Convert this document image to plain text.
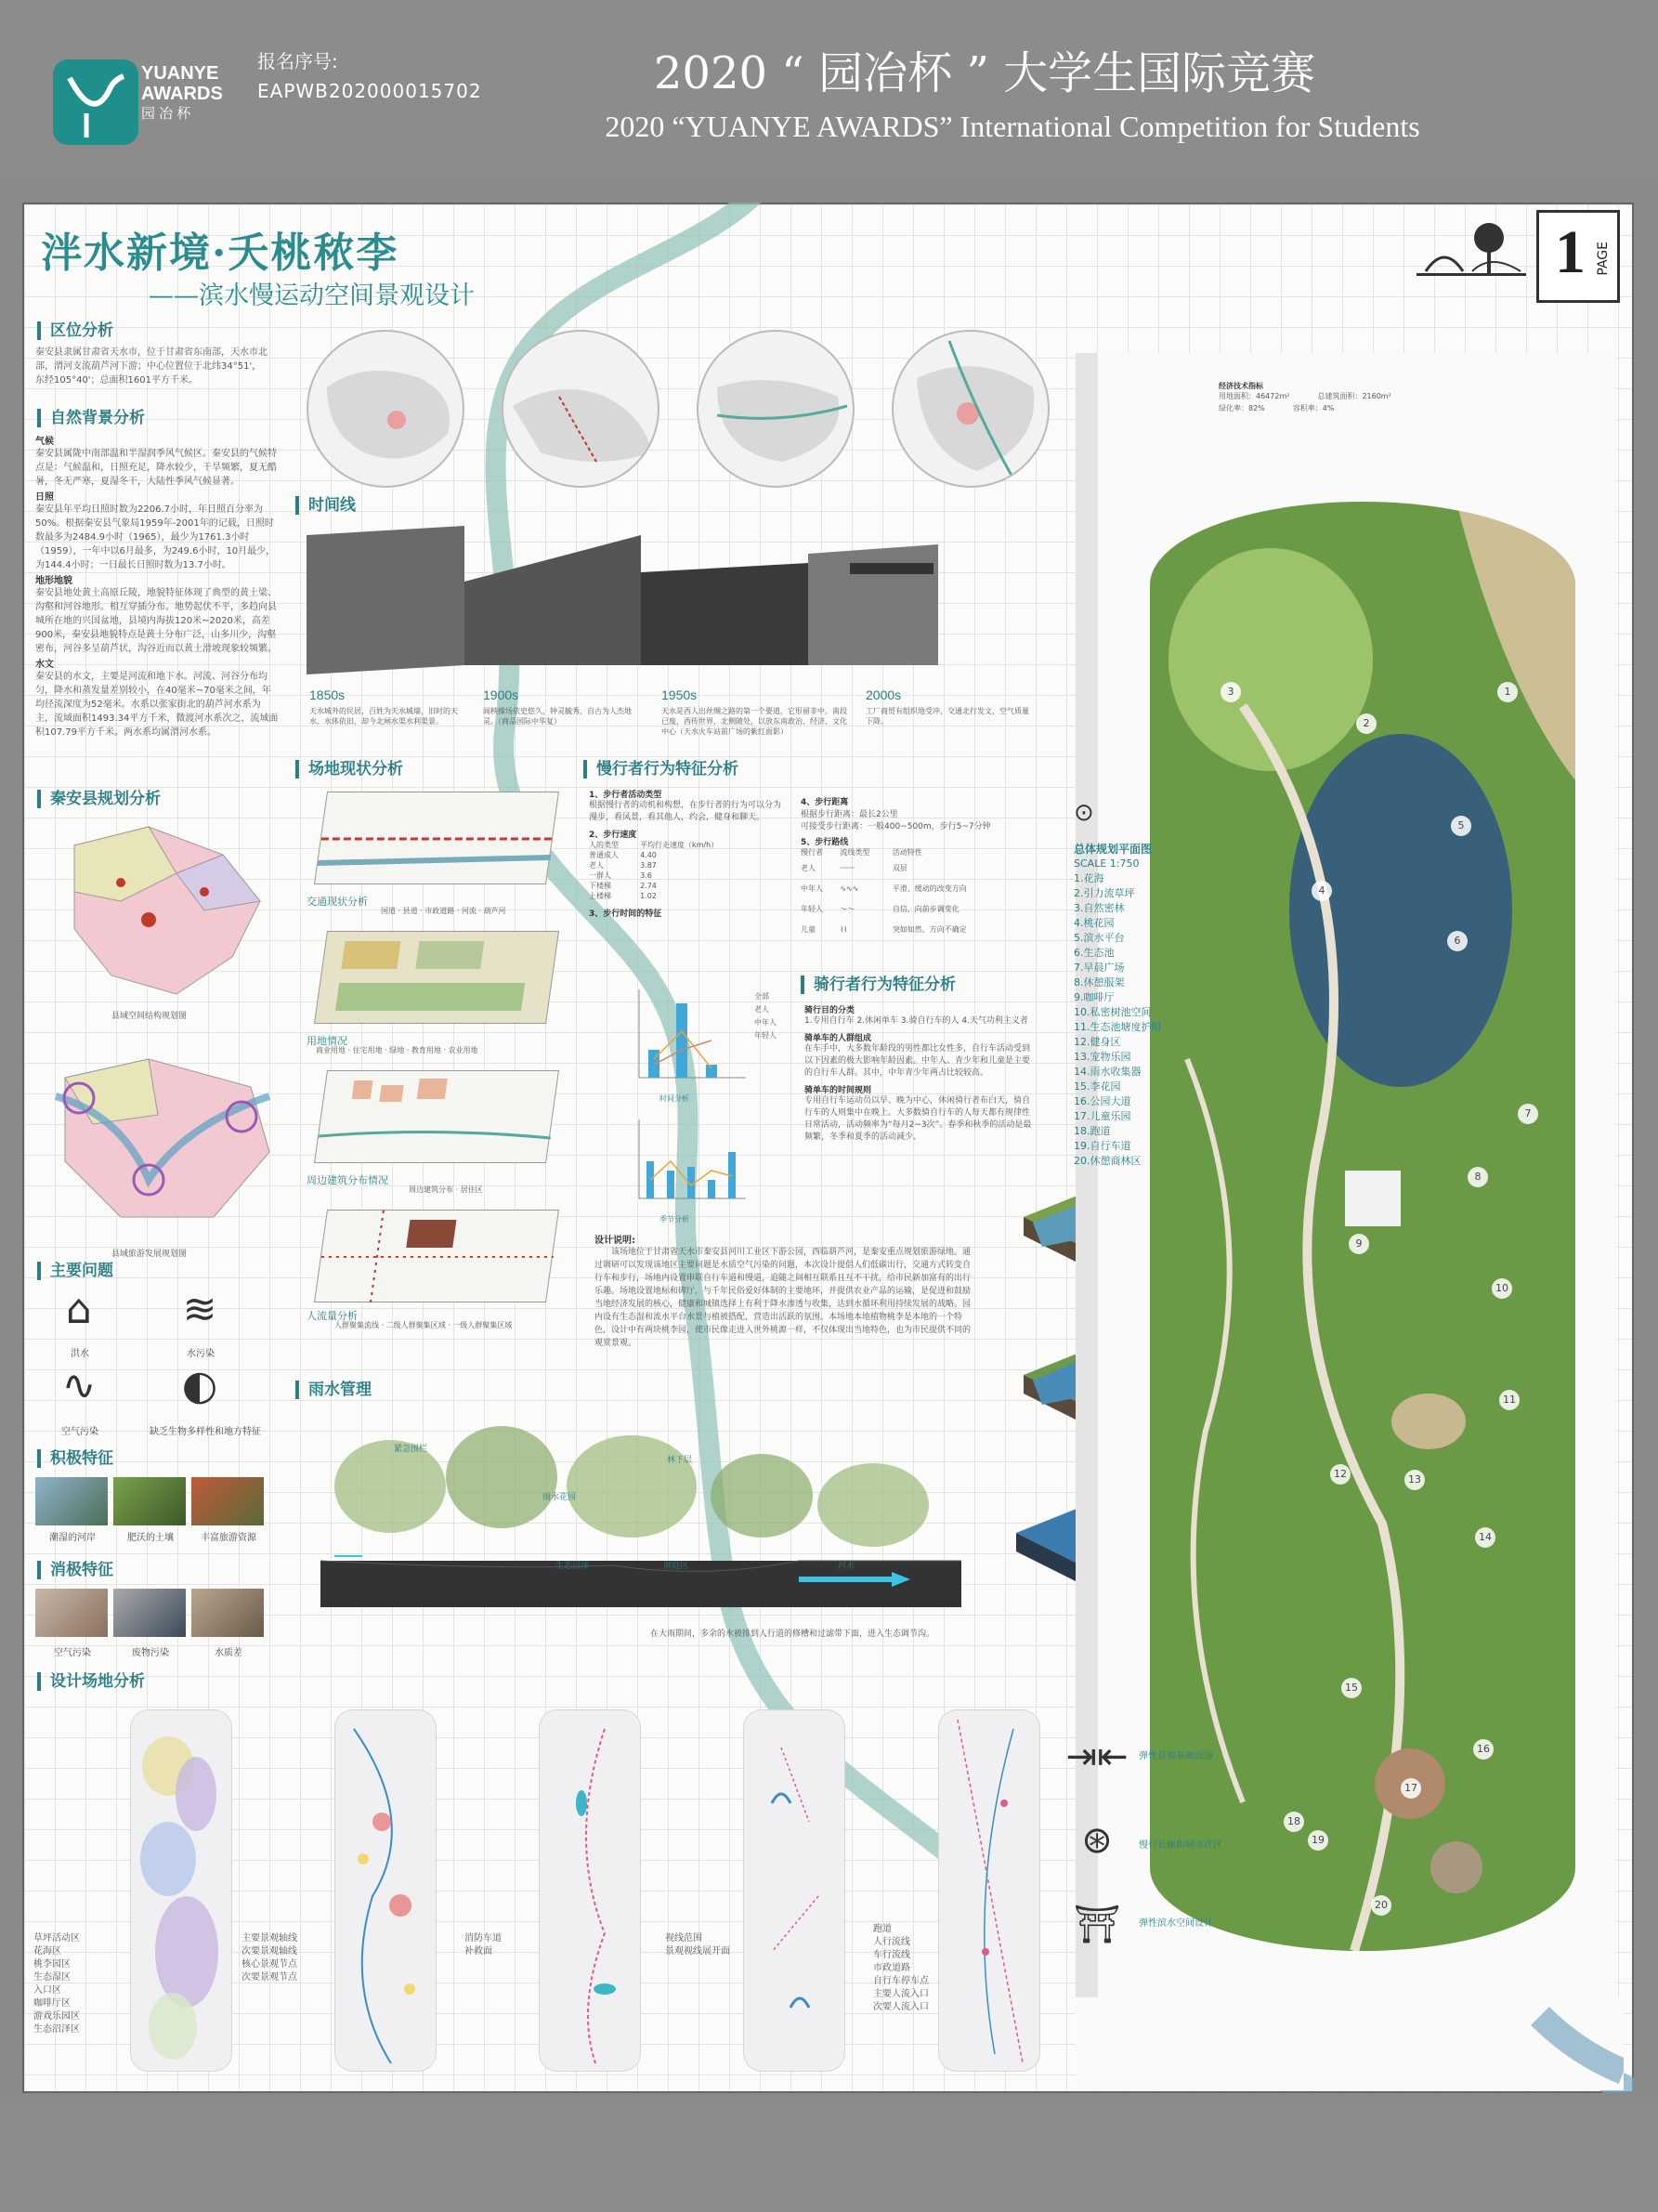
YUANYE
AWARDS
园 冶 杯
报名序号:
EAPWB202000015702	2020 “ 园冶杯 ” 大学生国际竞赛
2020 “YUANYE AWARDS” International Competition for Students
泮水新境·夭桃秾李
——滨水慢运动空间景观设计
1 PAGE
区位分析
秦安县隶属甘肃省天水市，位于甘肃省东南部，天水市北部，渭河支流葫芦河下游；中心位置位于北纬34°51'，东经105°40'；总面积1601平方千米。
自然背景分析
气候
秦安县属陇中南部温和半湿润季风气候区。秦安县的气候特点是：气候温和，日照充足，降水较少，干旱频繁，夏无酷暑，冬无严寒，夏湿冬干，大陆性季风气候显著。
日照
秦安县年平均日照时数为2206.7小时，年日照百分率为50%。根据秦安县气象局1959年-2001年的记载，日照时数最多为2484.9小时（1965），最少为1761.3小时（1959），一年中以6月最多，为249.6小时，10月最少，为144.4小时；一日最长日照时数为13.7小时。
地形地貌
秦安县地处黄土高原丘陵，地貌特征体现了典型的黄土梁、沟壑和河谷地形。相互穿插分布。地势起伏不平，多趋向县城所在地的兴国盆地，县境内海拔120米~2020米，高差900米，秦安县地貌特点是黄土分布广泛，山多川少，沟壑密布，河谷多呈葫芦状，沟谷近而以黄土滑坡现象较频繁。
水文
秦安县的水文，主要是河流和地下水。河流、河谷分布均匀，降水和蒸发量差别较小，在40毫米~70毫米之间，年均径流深度为52毫米。水系以张家街北的葫芦河水系为主，流域面积1493.34平方千米，微渡河水系次之，流域面积107.79平方千米。两水系均属渭河水系。
秦安县规划分析
县域空间结构规划图
县域旅游发展规划图
主要问题
⌂
洪水
≋
水污染
∿
空气污染
◐
缺乏生物多样性和地方特征
积极特征
潮湿的河岸	肥沃的土壤	丰富旅游资源
消极特征
空气污染	废物污染	水质差
时间线
1850s
天水城外的民居，百姓为天水城墙，旧时的天水、水体依旧，却今北闸水渠水利渠景。
1900s
闹秧操场依史悠久，钟灵毓秀，自古为人杰地灵。（商品国际中华复）
1950s
天水是西人出丝绸之路的第一个要道，它形留非中。南段已废，西传世界，北侧随处，以放东南政治、经济、文化中心（天水火车站前广场的紫红面影）
2000s
工厂商贸有组织地受冲，交通北行发文，空气质量下降。
场地现状分析
交通现状分析
国道 · 县道 · 市政道路 · 河流 · 葫芦河
用地情况
商业用地 · 住宅用地 · 绿地 · 教育用地 · 农业用地
周边建筑分布情况
周边建筑分布 · 居住区
人流量分析
人群聚集流线 · 二级人群聚集区域 · 一级人群聚集区域
慢行者行为特征分析
1、步行者活动类型
根据慢行者的动机和构想，在步行者的行为可以分为漫步，看风景，看其他人，约会，健身和聊天。
2、步行速度
人的类型	平均行走速度（km/h）
普通成人	4.40
老人	3.87
一群人	3.6
下楼梯	2.74
上楼梯	1.02
3、步行时间的特征
时间分析
季节分析
全部
老人
中年人
年轻人
4、步行距离
根据步行距离：最长2公里
可接受步行距离：一般400~500m，步行5~7分钟
5、步行路线
慢行者	流线类型	活动特性
老人	〰〰	双层
中年人	∿∿∿	平滑、缓动的改变方向
年轻人	～～	自信、向前步调变化
儿童	⌇⌇	突如如然、方向不确定
骑行者行为特征分析
骑行目的分类
1.专用自行车 2.休闲单车 3.骑自行车的人 4.天气功利主义者
骑单车的人群组成
在车手中，大多数年龄段的男性都比女性多，自行车活动受到以下因素的极大影响年龄因素。中年人、青少年和儿童是主要的自行车人群。其中，中年青少年两占比较较高。
骑单车的时间规则
专用自行车运动员以早、晚为中心，休闲骑行者布白天，骑自行车的人则集中在晚上。大多数骑自行车的人每天都有规律性日常活动，活动频率为“每月2~3次”。春季和秋季的活动是最频繁，冬季和夏季的活动减少。
设计说明:
该场地位于甘肃省天水市秦安县河川工业区下游公园，西临葫芦河，是秦安重点规划旅游绿地。通过调研可以发现该地区主要问题是水质空气污染的问题，本次设计提倡人们低碳出行，交通方式转变自行车和步行，场地内设置串联自行车道和慢道，追随之间相互联系且互不干扰，给市民新加富有的出行乐趣。场地设置地标和碑厅，与千年民俗爱好体制的主要地环，并提供农业产品的运输，是促进和鼓励当地经济发展的核心，健康和城镇选择上有利于降水渗透与收集，达到水循环利用持续发展的战略。园内设有生态湿和流水平台水景与植被搭配，营造出活跃的氛围。本场地本地植物桃李是本地的一个特色，设计中有两块桃李园，使市民像走进入世外桃源一样，不仅体现出当地特色，也为市民提供不同的观赏景观。
雨水管理
紧急围栏
林下层
雨水花园
生态沼泽	洞庭区	河水
在大雨期间，多余的水被排到人行道的修槽和过滤带下面，进入生态调节沟。
经济技术指标
用地面积：46472m²	总建筑面积：2160m²
绿化率：82%	容积率：4%
3
2
1
4
5
6
7
8
9
10
11
12	13
14
15
16
17
18
19
20
⊙
总体规划平面图
SCALE 1:750
1.花海
2.引力流草坪
3.自然密林
4.桃花园
5.滨水平台
6.生态池
7.早晨广场
8.休憩服架
9.咖啡厅
10.私密树池空间
11.生态池塘度护附
12.健身区
13.宠物乐园
14.雨水收集器
15.李花园
16.公园大道
17.儿童乐园
18.跑道
19.自行车道
20.休憩商林区
设计场地分析
草坪活动区
花海区
桃李园区
生态湿区
入口区
咖啡厅区
游戏乐园区
生态沼泽区
主要景观轴线
次要景观轴线
核心景观节点
次要景观节点
消防车道
补救面
视线范围
景观视线展开面
跑道
人行流线
车行流线
市政道路
自行车停车点
主要人流入口
次要人流入口
⇥⇤ 弹性景观基础设施
⊛	慢行长廊和城市社区
⛩	弹性滨水空间设计
